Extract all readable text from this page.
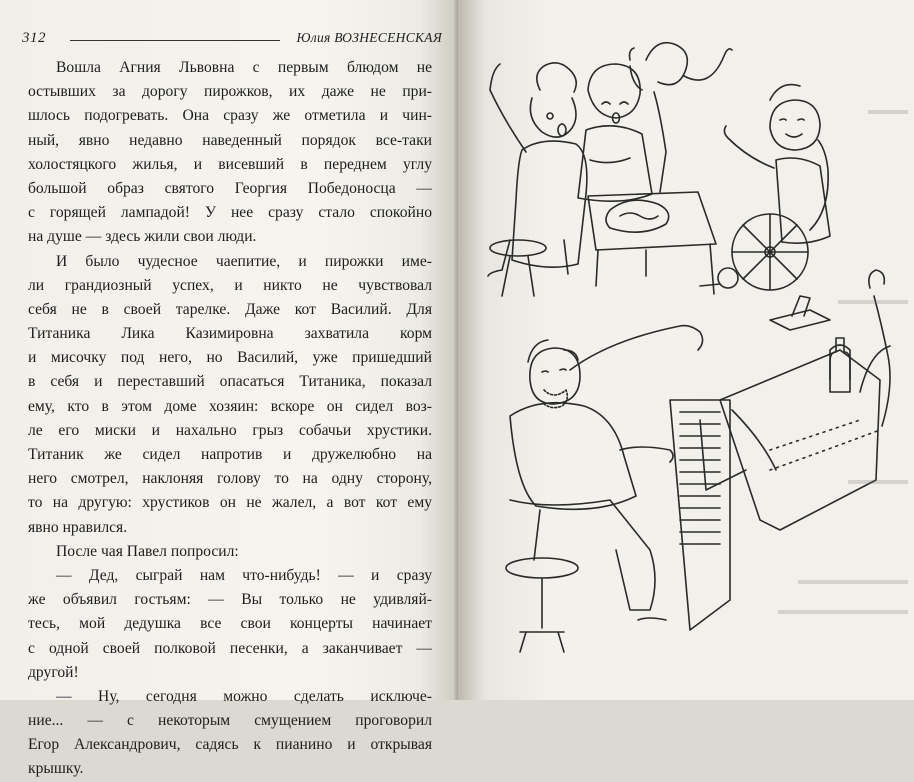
312	Юлия ВОЗНЕСЕНСКАЯ
Вошла Агния Львовна с первым блюдом не
остывших за дорогу пирожков, их даже не при-
шлось подогревать. Она сразу же отметила и чин-
ный, явно недавно наведенный порядок все-таки
холостяцкого жилья, и висевший в переднем углу
большой образ святого Георгия Победоносца —
с горящей лампадой! У нее сразу стало спокойно
на душе — здесь жили свои люди.
И было чудесное чаепитие, и пирожки име-
ли грандиозный успех, и никто не чувствовал
себя не в своей тарелке. Даже кот Василий. Для
Титаника Лика Казимировна захватила корм
и мисочку под него, но Василий, уже пришедший
в себя и переставший опасаться Титаника, показал
ему, кто в этом доме хозяин: вскоре он сидел воз-
ле его миски и нахально грыз собачьи хрустики.
Титаник же сидел напротив и дружелюбно на
него смотрел, наклоняя голову то на одну сторону,
то на другую: хрустиков он не жалел, а вот кот ему
явно нравился.
После чая Павел попросил:
— Дед, сыграй нам что-нибудь! — и сразу
же объявил гостьям: — Вы только не удивляй-
тесь, мой дедушка все свои концерты начинает
с одной своей полковой песенки, а заканчивает —
другой!
— Ну, сегодня можно сделать исключе-
ние... — с некоторым смущением проговорил
Егор Александрович, садясь к пианино и открывая
крышку.
